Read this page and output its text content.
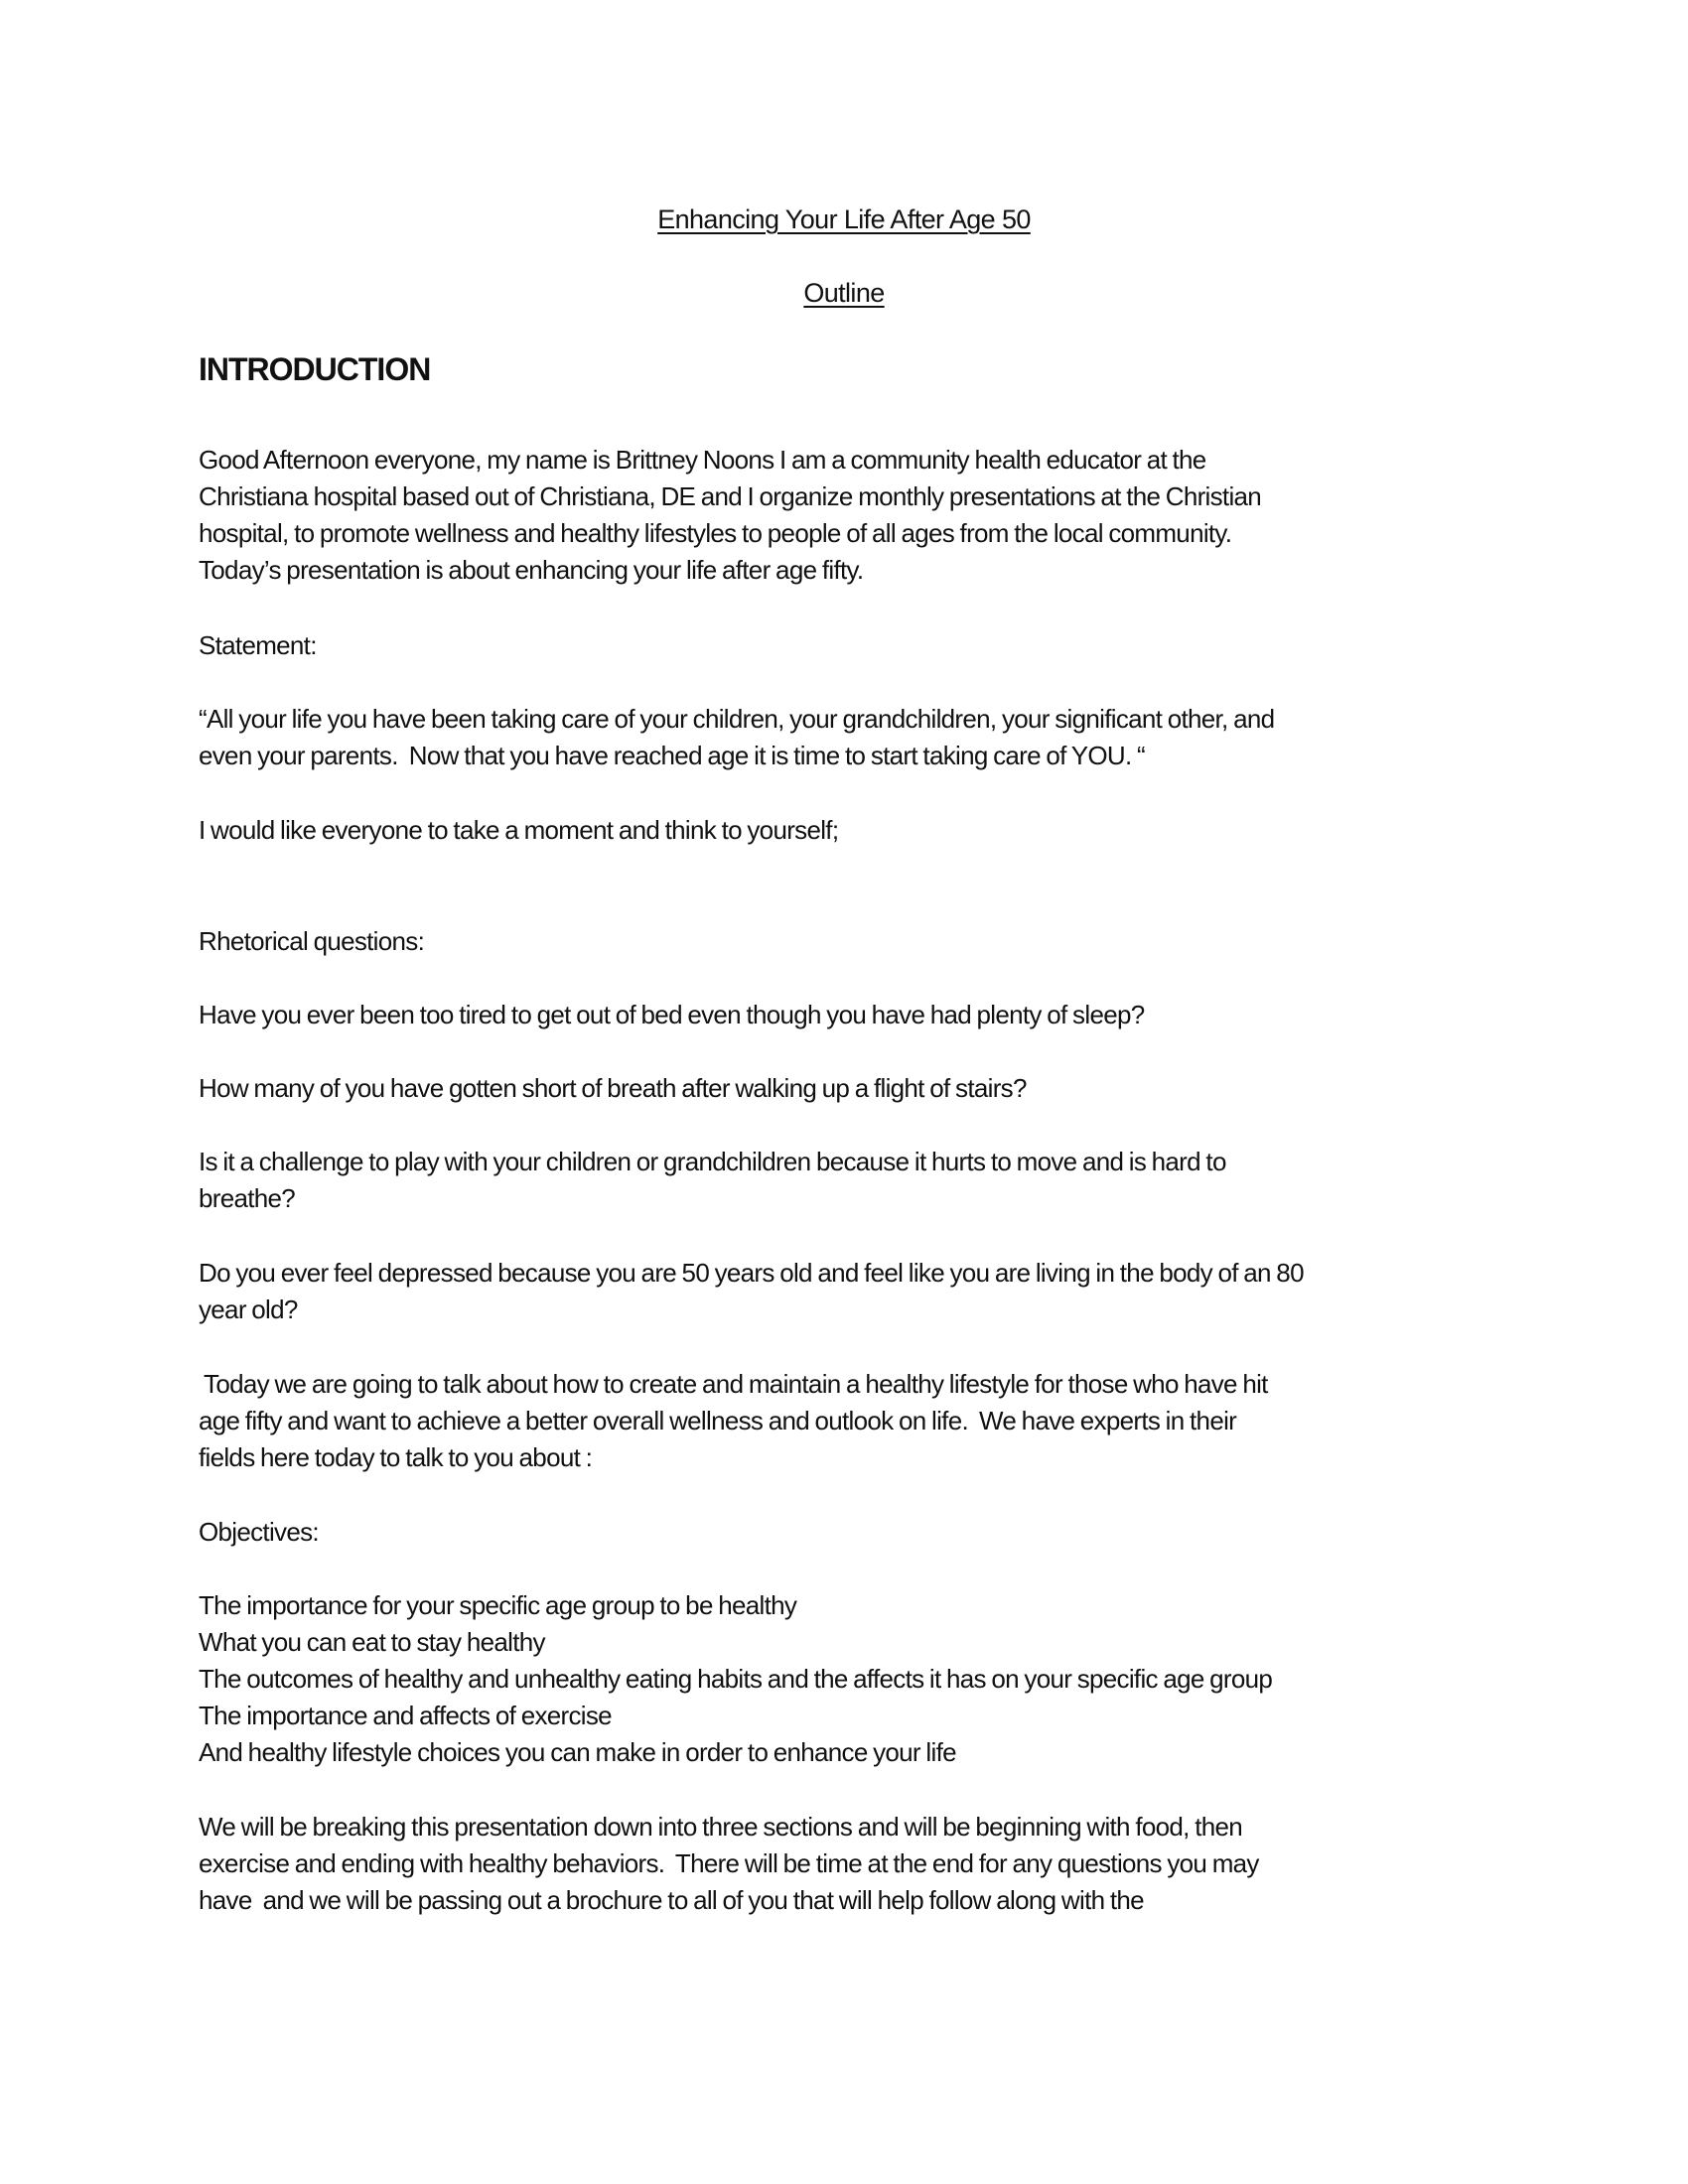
Enhancing Your Life After Age 50
Outline
INTRODUCTION
Good Afternoon everyone, my name is Brittney Noons I am a community health educator at the
Christiana hospital based out of Christiana, DE and I organize monthly presentations at the Christian
hospital, to promote wellness and healthy lifestyles to people of all ages from the local community.
Today’s presentation is about enhancing your life after age fifty.
Statement:
“All your life you have been taking care of your children, your grandchildren, your significant other, and
even your parents.  Now that you have reached age it is time to start taking care of YOU. “
I would like everyone to take a moment and think to yourself;
Rhetorical questions:
Have you ever been too tired to get out of bed even though you have had plenty of sleep?
How many of you have gotten short of breath after walking up a flight of stairs?
Is it a challenge to play with your children or grandchildren because it hurts to move and is hard to
breathe?
Do you ever feel depressed because you are 50 years old and feel like you are living in the body of an 80
year old?
Today we are going to talk about how to create and maintain a healthy lifestyle for those who have hit
age fifty and want to achieve a better overall wellness and outlook on life.  We have experts in their
fields here today to talk to you about :
Objectives:
The importance for your specific age group to be healthy
What you can eat to stay healthy
The outcomes of healthy and unhealthy eating habits and the affects it has on your specific age group
The importance and affects of exercise
And healthy lifestyle choices you can make in order to enhance your life
We will be breaking this presentation down into three sections and will be beginning with food, then
exercise and ending with healthy behaviors.  There will be time at the end for any questions you may
have  and we will be passing out a brochure to all of you that will help follow along with the
